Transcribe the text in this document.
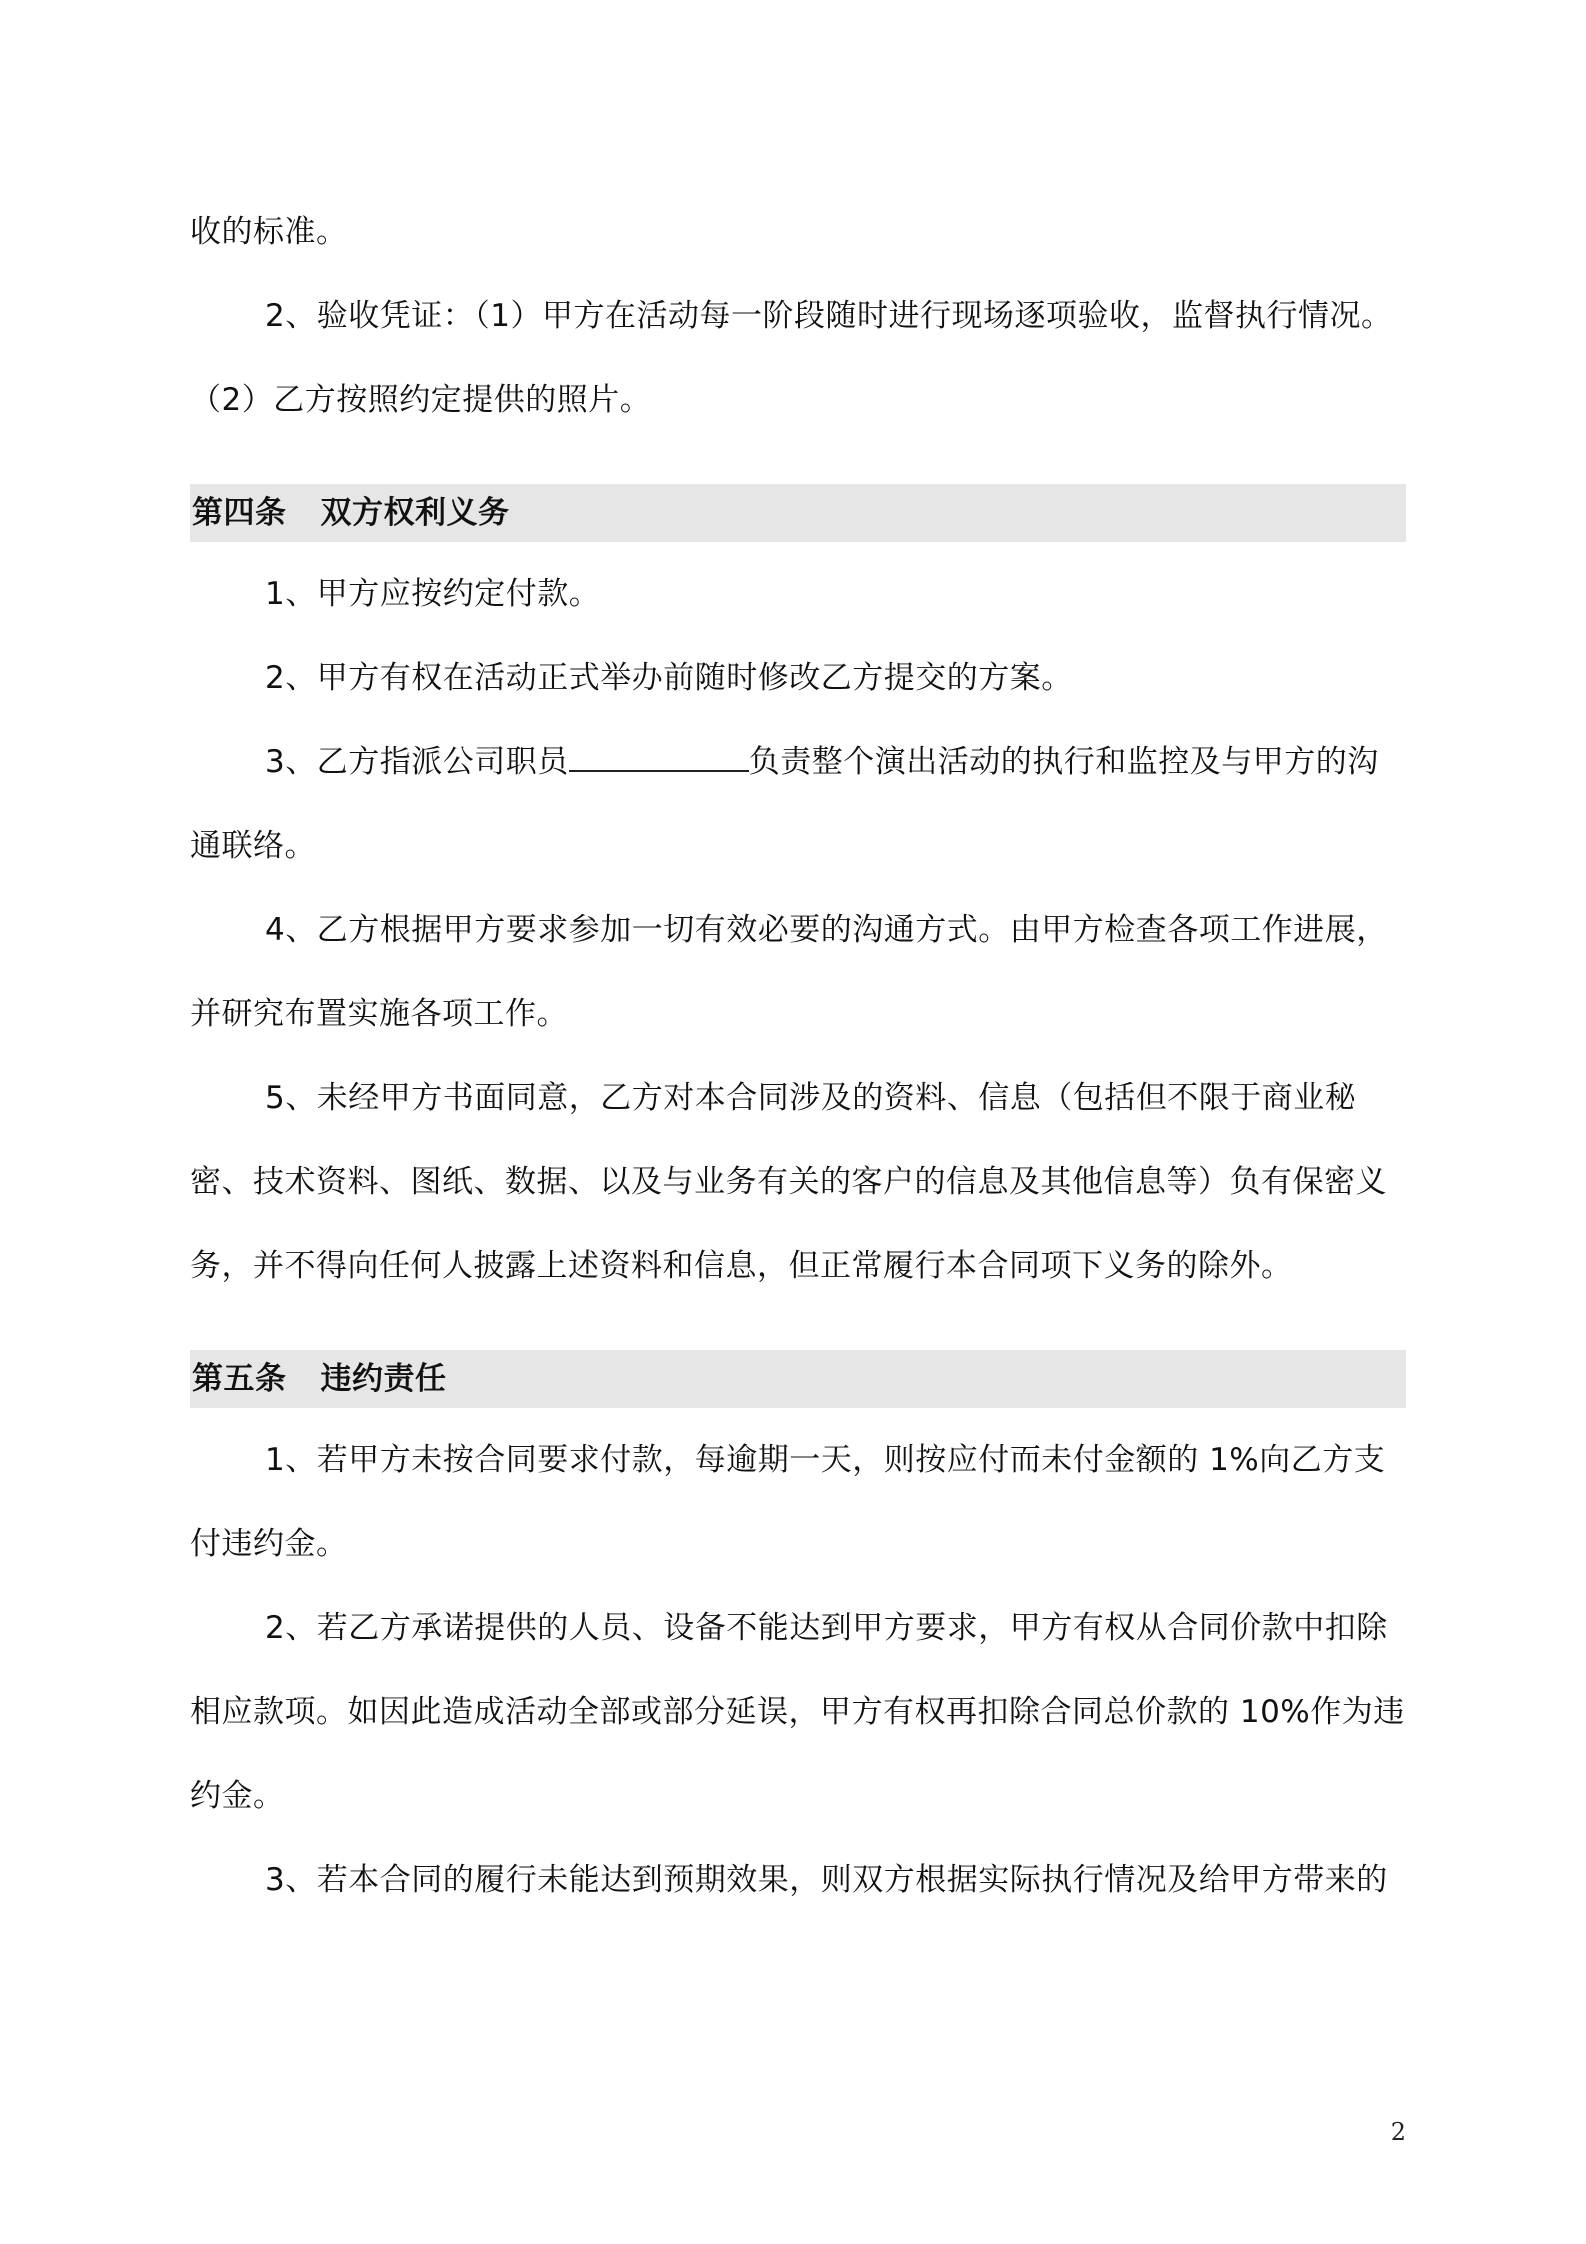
收的标准。

2、验收凭证：（1）甲方在活动每一阶段随时进行现场逐项验收，监督执行情况。（2）乙方按照约定提供的照片。

第四条 双方权利义务

1、甲方应按约定付款。

2、甲方有权在活动正式举办前随时修改乙方提交的方案。

3、乙方指派公司职员	负责整个演出活动的执行和监控及与甲方的沟通联络。

4、乙方根据甲方要求参加一切有效必要的沟通方式。由甲方检查各项工作进展，并研究布置实施各项工作。

5、未经甲方书面同意，乙方对本合同涉及的资料、信息（包括但不限于商业秘密、技术资料、图纸、数据、以及与业务有关的客户的信息及其他信息等）负有保密义务，并不得向任何人披露上述资料和信息，但正常履行本合同项下义务的除外。

第五条 违约责任

1、若甲方未按合同要求付款，每逾期一天，则按应付而未付金额的 1%向乙方支付违约金。

2、若乙方承诺提供的人员、设备不能达到甲方要求，甲方有权从合同价款中扣除相应款项。如因此造成活动全部或部分延误，甲方有权再扣除合同总价款的 10%作为违约金。

3、若本合同的履行未能达到预期效果，则双方根据实际执行情况及给甲方带来的

2
